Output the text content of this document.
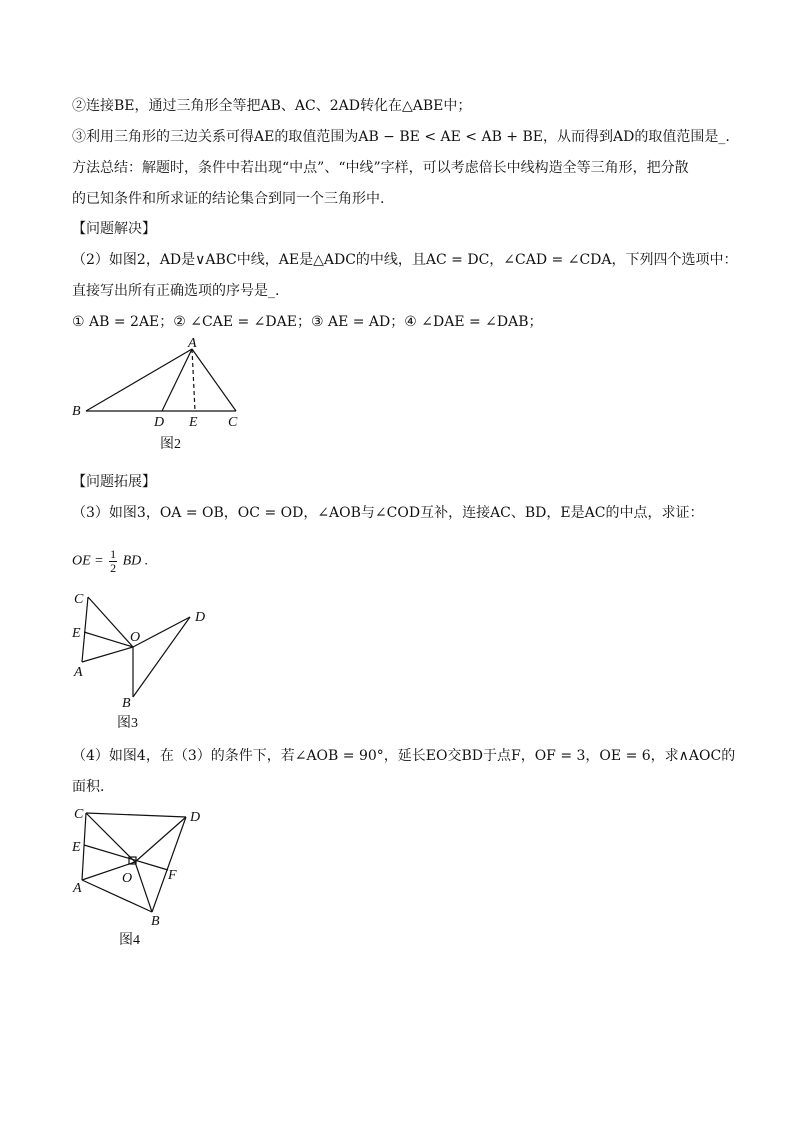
②连接BE，通过三角形全等把AB、AC、2AD转化在△ABE中；
③利用三角形的三边关系可得AE的取值范围为AB − BE < AE < AB + BE，从而得到AD的取值范围是_.
方法总结：解题时，条件中若出现“中点”、“中线”字样，可以考虑倍长中线构造全等三角形，把分散
的已知条件和所求证的结论集合到同一个三角形中.
【问题解决】
（2）如图2，AD是∨ABC中线，AE是△ADC的中线，且AC = DC，∠CAD = ∠CDA，下列四个选项中：
直接写出所有正确选项的序号是_.
① AB = 2AE；② ∠CAE = ∠DAE；③ AE = AD；④ ∠DAE = ∠DAB；
A
B
D E C
图2
【问题拓展】
（3）如图3，OA = OB，OC = OD，∠AOB与∠COD互补，连接AC、BD，E是AC的中点，求证：
OE = $\frac{1}{2}$ BD .
C
E
A
O
D
B
图3
（4）如图4，在（3）的条件下，若∠AOB = 90°，延长EO交BD于点F，OF = 3，OE = 6，求∧AOC的
面积.
C	D
E
O	F
A
B
图4
